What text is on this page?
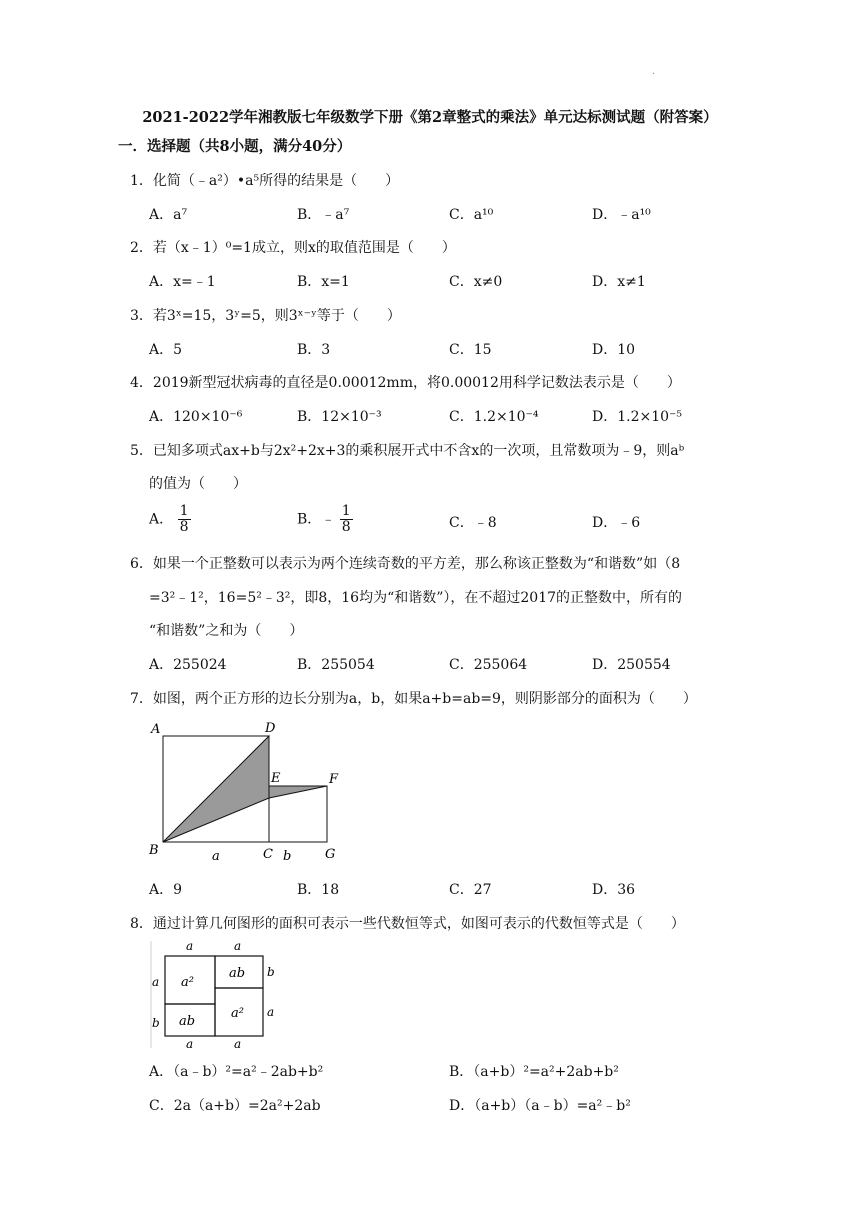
.
2021-2022学年湘教版七年级数学下册《第2章整式的乘法》单元达标测试题（附答案）
一．选择题（共8小题，满分40分）
1．化简（﹣a²）•a⁵所得的结果是（　　）
A．a⁷	B．﹣a⁷	C．a¹⁰	D．﹣a¹⁰
2．若（x﹣1）⁰=1成立，则x的取值范围是（　　）
A．x=﹣1	B．x=1	C．x≠0	D．x≠1
3．若3ˣ=15，3ʸ=5，则3ˣ⁻ʸ等于（　　）
A．5	B．3	C．15	D．10
4．2019新型冠状病毒的直径是0.00012mm，将0.00012用科学记数法表示是（　　）
A．120×10⁻⁶	B．12×10⁻³	C．1.2×10⁻⁴	D．1.2×10⁻⁵
5．已知多项式ax+b与2x²+2x+3的乘积展开式中不含x的一次项，且常数项为﹣9，则aᵇ
的值为（　　）
A． $\frac{1}{8}$	B．﹣ $\frac{1}{8}$	C．﹣8	D．﹣6
6．如果一个正整数可以表示为两个连续奇数的平方差，那么称该正整数为“和谐数”如（8
=3²﹣1²，16=5²﹣3²，即8，16均为“和谐数”），在不超过2017的正整数中，所有的
“和谐数”之和为（　　）
A．255024	B．255054	C．255064	D．250554
7．如图，两个正方形的边长分别为a，b，如果a+b=ab=9，则阴影部分的面积为（　　）
A	D
E	F
B	C	G
a	b
A．9	B．18	C．27	D．36
8．通过计算几何图形的面积可表示一些代数恒等式，如图可表示的代数恒等式是（　　）
a	a
a
b
b
a
a	a
a²
ab
ab
a²
A．（a﹣b）²=a²﹣2ab+b²	B．（a+b）²=a²+2ab+b²
C．2a（a+b）=2a²+2ab	D．（a+b）（a﹣b）=a²﹣b²
